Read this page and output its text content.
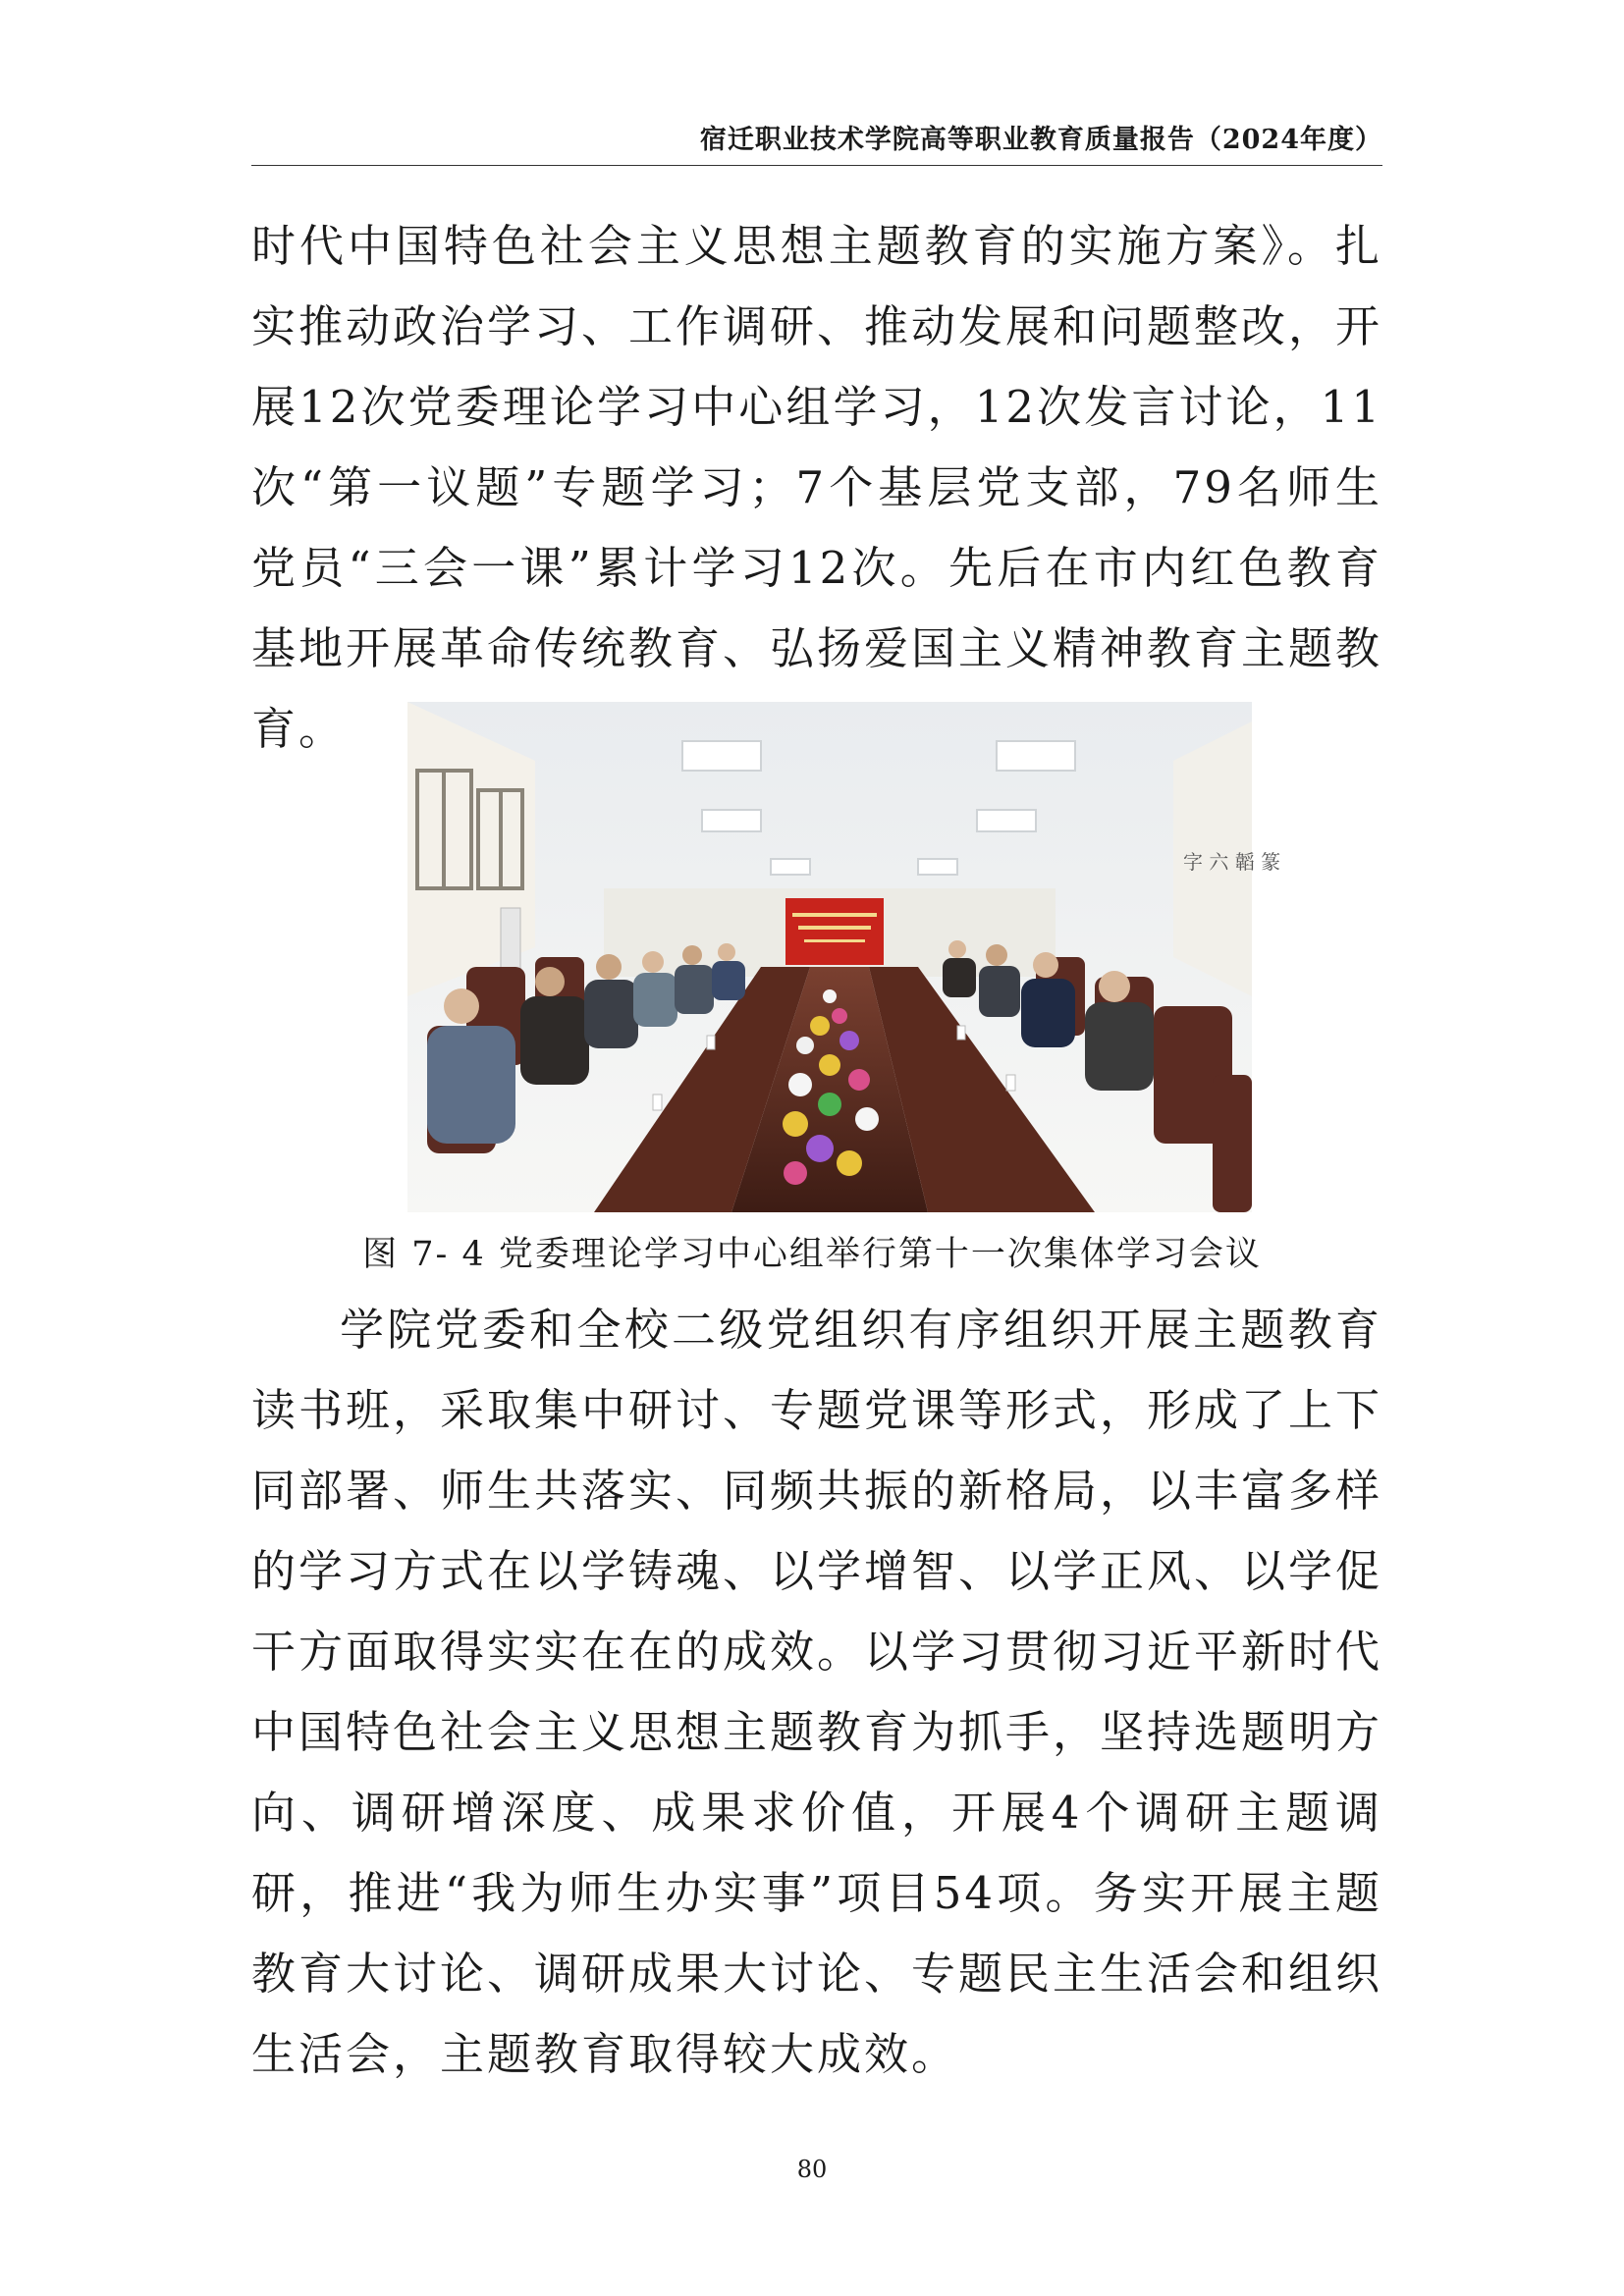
宿迁职业技术学院高等职业教育质量报告（2024年度）

时代中国特色社会主义思想主题教育的实施方案》。扎实推动政治学习、工作调研、推动发展和问题整改，开展12次党委理论学习中心组学习，12次发言讨论，11次“第一议题”专题学习；7个基层党支部，79名师生党员“三会一课”累计学习12次。先后在市内红色教育基地开展革命传统教育、弘扬爱国主义精神教育主题教育。

字 六 韜 篆
图 7- 4 党委理论学习中心组举行第十一次集体学习会议

学院党委和全校二级党组织有序组织开展主题教育读书班，采取集中研讨、专题党课等形式，形成了上下同部署、师生共落实、同频共振的新格局，以丰富多样的学习方式在以学铸魂、以学增智、以学正风、以学促干方面取得实实在在的成效。以学习贯彻习近平新时代中国特色社会主义思想主题教育为抓手，坚持选题明方向、调研增深度、成果求价值，开展4个调研主题调研，推进“我为师生办实事”项目54项。务实开展主题教育大讨论、调研成果大讨论、专题民主生活会和组织生活会，主题教育取得较大成效。

80
